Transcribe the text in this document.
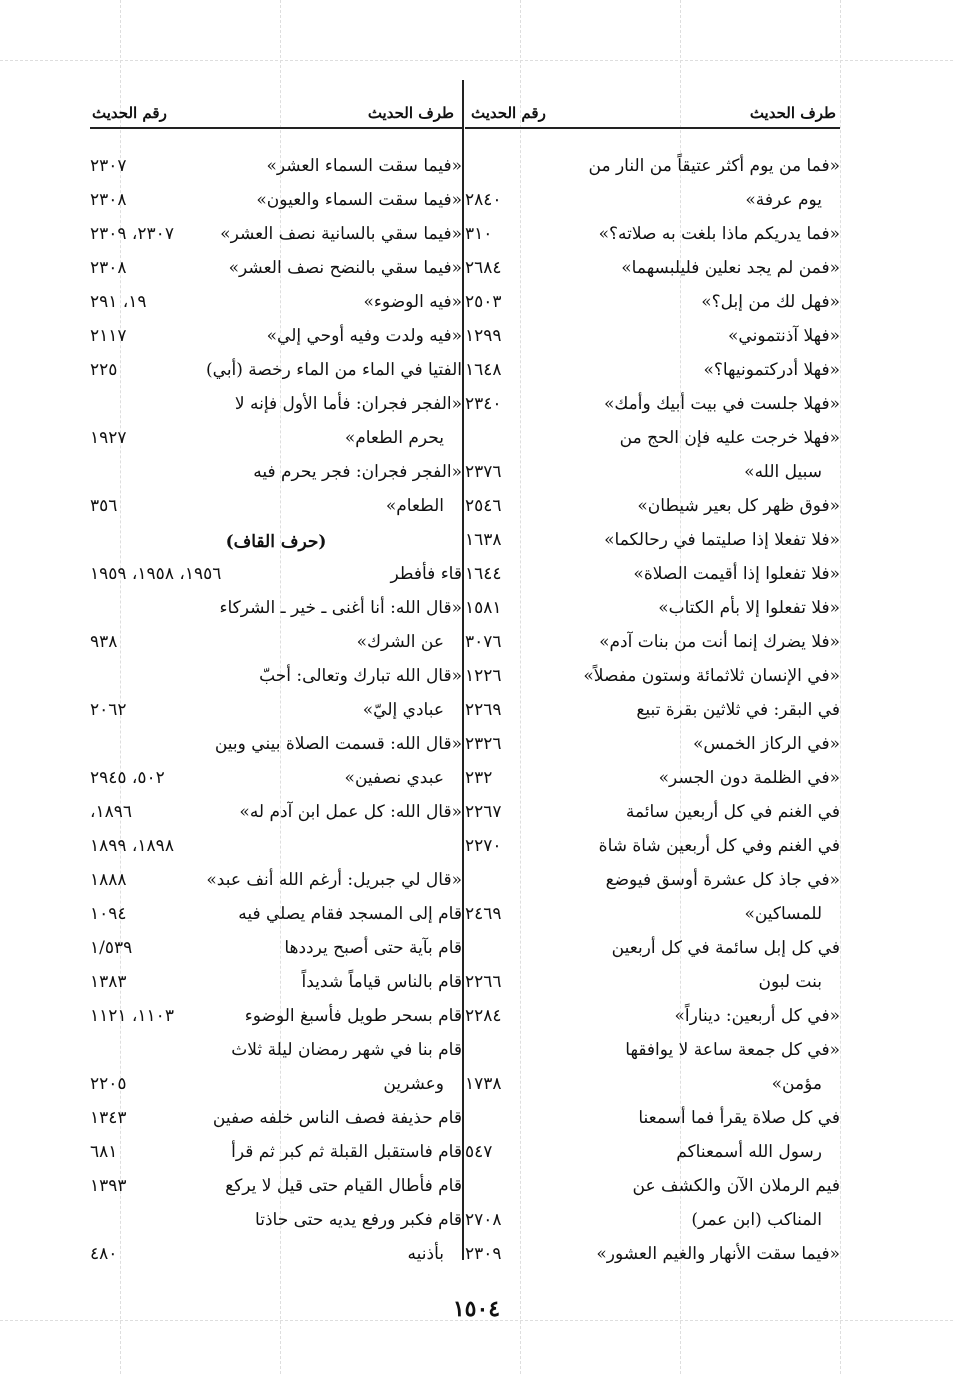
طرف الحديث
رقم الحديث
«فما من يوم أكثر عتيقاً من النار من
يوم عرفة»
٢٨٤٠
«فما يدريكم ماذا بلغت به صلاته؟»
٣١٠
«فمن لم يجد نعلين فليلبسهما»
٢٦٨٤
«فهل لك من إبل؟»
٢٥٠٣
«فهلا آذنتموني»
١٢٩٩
«فهلا أدركتمونيها؟»
١٦٤٨
«فهلا جلست في بيت أبيك وأمك»
٢٣٤٠
«فهلا خرجت عليه فإن الحج من
سبيل الله»
٢٣٧٦
«فوق ظهر كل بعير شيطان»
٢٥٤٦
«فلا تفعلا إذا صليتما في رحالكما»
١٦٣٨
«فلا تفعلوا إذا أقيمت الصلاة»
١٦٤٤
«فلا تفعلوا إلا بأم الكتاب»
١٥٨١
«فلا يضرك إنما أنت من بنات آدم»
٣٠٧٦
«في الإنسان ثلاثمائة وستون مفصلاً»
١٢٢٦
في البقر: في ثلاثين بقرة تبيع
٢٢٦٩
«في الركاز الخمس»
٢٣٢٦
«في الظلمة دون الجسر»
٢٣٢
في الغنم في كل أربعين سائمة
٢٢٦٧
في الغنم وفي كل أربعين شاة شاة
٢٢٧٠
«في جاذ كل عشرة أوسق فيوضع
للمساكين»
٢٤٦٩
في كل إبل سائمة في كل أربعين
بنت لبون
٢٢٦٦
«في كل أربعين: ديناراً»
٢٢٨٤
«في كل جمعة ساعة لا يوافقها
مؤمن»
١٧٣٨
في كل صلاة يقرأ فما أسمعنا
رسول الله أسمعناكم
٥٤٧
فيم الرملان الآن والكشف عن
المناكب (ابن عمر)
٢٧٠٨
«فيما سقت الأنهار والغيم العشور»
٢٣٠٩
طرف الحديث
رقم الحديث
«فيما سقت السماء العشر»
٢٣٠٧
«فيما سقت السماء والعيون»
٢٣٠٨
«فيما سقي بالسانية نصف العشر»
٢٣٠٧، ٢٣٠٩
«فيما سقي بالنضح نصف العشر»
٢٣٠٨
«فيه الوضوء»
١٩، ٢٩١
«فيه ولدت وفيه أوحي إلي»
٢١١٧
الفتيا في الماء من الماء رخصة (أبي)
٢٢٥
«الفجر فجران: فأما الأول فإنه لا
يحرم الطعام»
١٩٢٧
«الفجر فجران: فجر يحرم فيه
الطعام»
٣٥٦
(حرف القاف)
قاء فأفطر
١٩٥٦، ١٩٥٨، ١٩٥٩
«قال الله: أنا أغنى ـ خير ـ الشركاء
عن الشرك»
٩٣٨
«قال الله تبارك وتعالى: أحبّ
عبادي إليّ»
٢٠٦٢
«قال الله: قسمت الصلاة بيني وبين
عبدي نصفين»
٥٠٢، ٢٩٤٥
«قال الله: كل عمل ابن آدم له»
١٨٩٦،
١٨٩٨، ١٨٩٩
«قال لي جبريل: أرغم الله أنف عبد»
١٨٨٨
قام إلى المسجد فقام يصلي فيه
١٠٩٤
قام بآية حتى أصبح يرددها
١/٥٣٩
قام بالناس قياماً شديداً
١٣٨٣
قام بسحر طويل فأسبغ الوضوء
١١٠٣، ١١٢١
قام بنا في شهر رمضان ليلة ثلاث
وعشرين
٢٢٠٥
قام حذيفة فصف الناس خلفه صفين
١٣٤٣
قام فاستقبل القبلة ثم كبر ثم قرأ
٦٨١
قام فأطال القيام حتى قيل لا يركع
١٣٩٣
قام فكبر ورفع يديه حتى حاذتا
بأذنيه
٤٨٠
١٥٠٤
